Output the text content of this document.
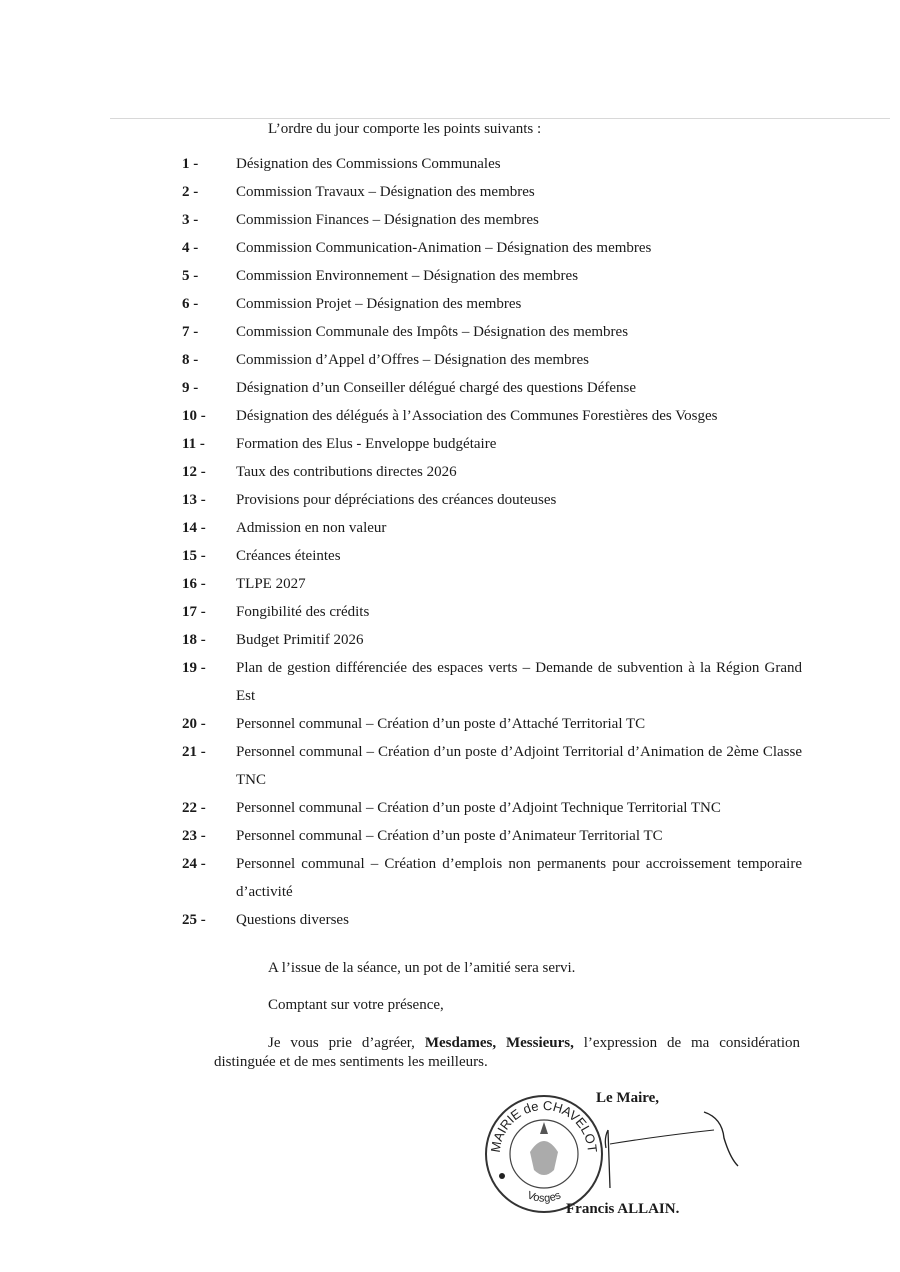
L’ordre du jour comporte les points suivants :
1 -	Désignation des Commissions Communales
2 -	Commission Travaux – Désignation des membres
3 -	Commission Finances – Désignation des membres
4 -	Commission Communication-Animation – Désignation des membres
5 -	Commission Environnement – Désignation des membres
6 -	Commission Projet – Désignation des membres
7 -	Commission Communale des Impôts – Désignation des membres
8 -	Commission d’Appel d’Offres – Désignation des membres
9 -	Désignation d’un Conseiller délégué chargé des questions Défense
10 - Désignation des délégués à l’Association des Communes Forestières des Vosges
11 - Formation des Elus - Enveloppe budgétaire
12 - Taux des contributions directes 2026
13 - Provisions pour dépréciations des créances douteuses
14 - Admission en non valeur
15 - Créances éteintes
16 - TLPE 2027
17 - Fongibilité des crédits
18 - Budget Primitif 2026
19 - Plan de gestion différenciée des espaces verts – Demande de subvention à la Région Grand Est
20 - Personnel communal – Création d’un poste d’Attaché Territorial TC
21 - Personnel communal – Création d’un poste d’Adjoint Territorial d’Animation de 2ème Classe TNC
22 - Personnel communal – Création d’un poste d’Adjoint Technique Territorial TNC
23 - Personnel communal – Création d’un poste d’Animateur Territorial TC
24 - Personnel communal – Création d’emplois non permanents pour accroissement temporaire d’activité
25 - Questions diverses
A l’issue de la séance, un pot de l’amitié sera servi.
Comptant sur votre présence,
Je vous prie d’agréer, Mesdames, Messieurs, l’expression de ma considération distinguée et de mes sentiments les meilleurs.
Le Maire,
MAIRIE de CHAVELOT
Vosges
Francis ALLAIN.
